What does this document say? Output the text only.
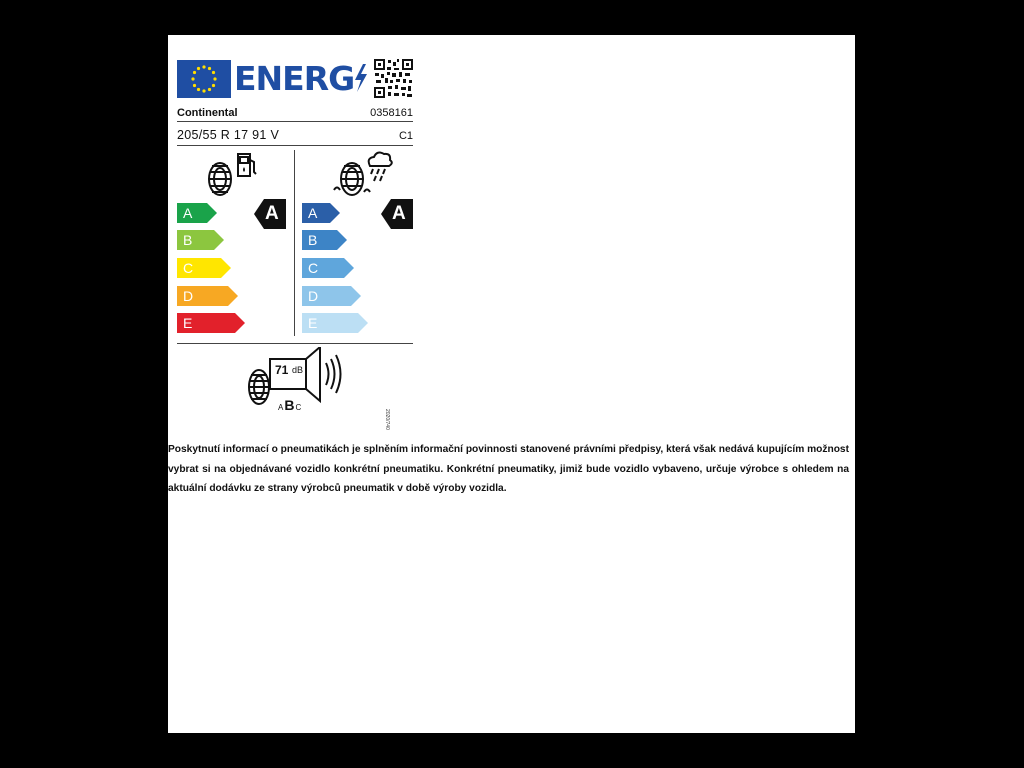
ENERG
Continental	0358161
205/55 R 17 91 V	C1
A
B
C
D
E
A A
B
C
D
E
A
71 dB
ABC
2020/740

Poskytnutí informací o pneumatikách je splněním informační povinnosti stanovené právními předpisy, která však nedává kupujícím možnost vybrat si na objednávané vozidlo konkrétní pneumatiku. Konkrétní pneumatiky, jimiž bude vozidlo vybaveno, určuje výrobce s ohledem na aktuální dodávku ze strany výrobců pneumatik v době výroby vozidla.
